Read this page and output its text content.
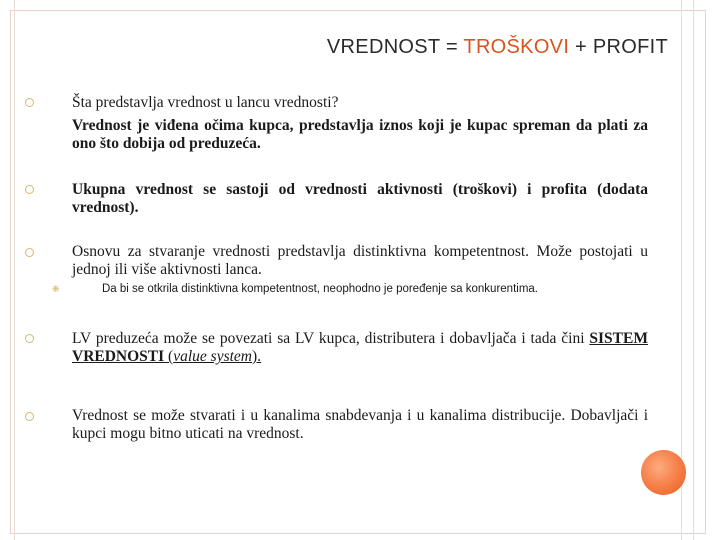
VREDNOST = TROŠKOVI + PROFIT
Šta predstavlja vrednost u lancu vrednosti?
Vrednost je viđena očima kupca, predstavlja iznos koji je kupac spreman da plati za ono što dobija od preduzeća.
Ukupna vrednost se sastoji od vrednosti aktivnosti (troškovi) i profita (dodata vrednost).
Osnovu za stvaranje vrednosti predstavlja distinktivna kompetentnost. Može postojati u jednoj ili više aktivnosti lanca.
❋	Da bi se otkrila distinktivna kompetentnost, neophodno je poređenje sa konkurentima.
LV preduzeća može se povezati sa LV kupca, distributera i dobavljača i tada čini SISTEM VREDNOSTI (value system).
Vrednost se može stvarati i u kanalima snabdevanja i u kanalima distribucije. Dobavljači i kupci mogu bitno uticati na vrednost.
